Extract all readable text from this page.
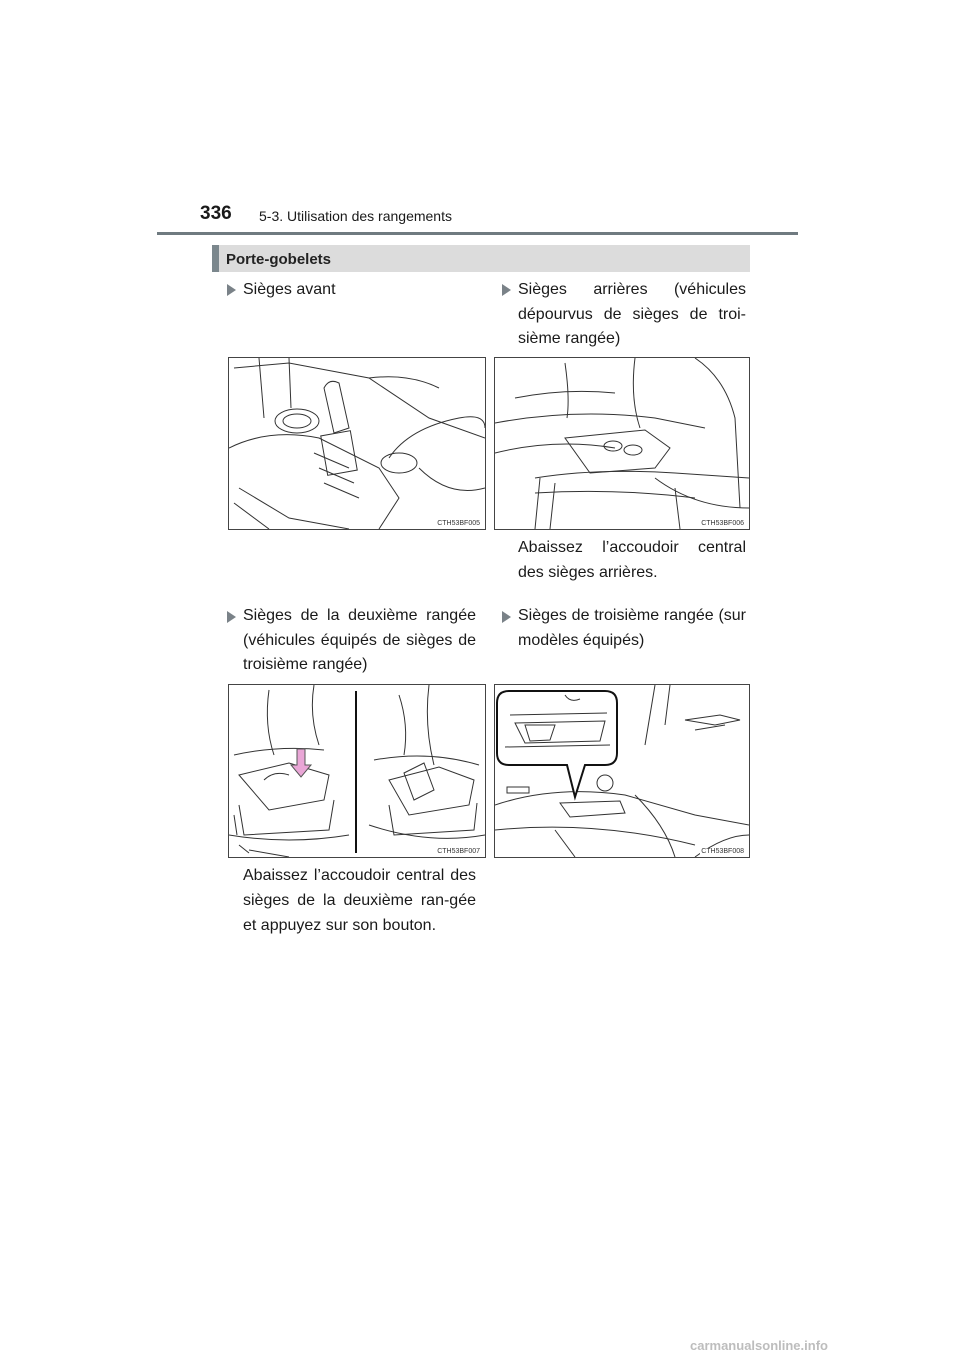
336 5-3. Utilisation des rangements
Porte-gobelets
Sièges avant	Sièges arrières (véhicules dépourvus de sièges de troi-sième rangée)
CTH53BF005	CTH53BF006
Abaissez l’accoudoir central des sièges arrières.
Sièges de la deuxième rangée (véhicules équipés de sièges de troisième rangée)
Sièges de troisième rangée (sur modèles équipés)
CTH53BF007	CTH53BF008
Abaissez l’accoudoir central des sièges de la deuxième ran-gée et appuyez sur son bouton.
carmanualsonline.info
